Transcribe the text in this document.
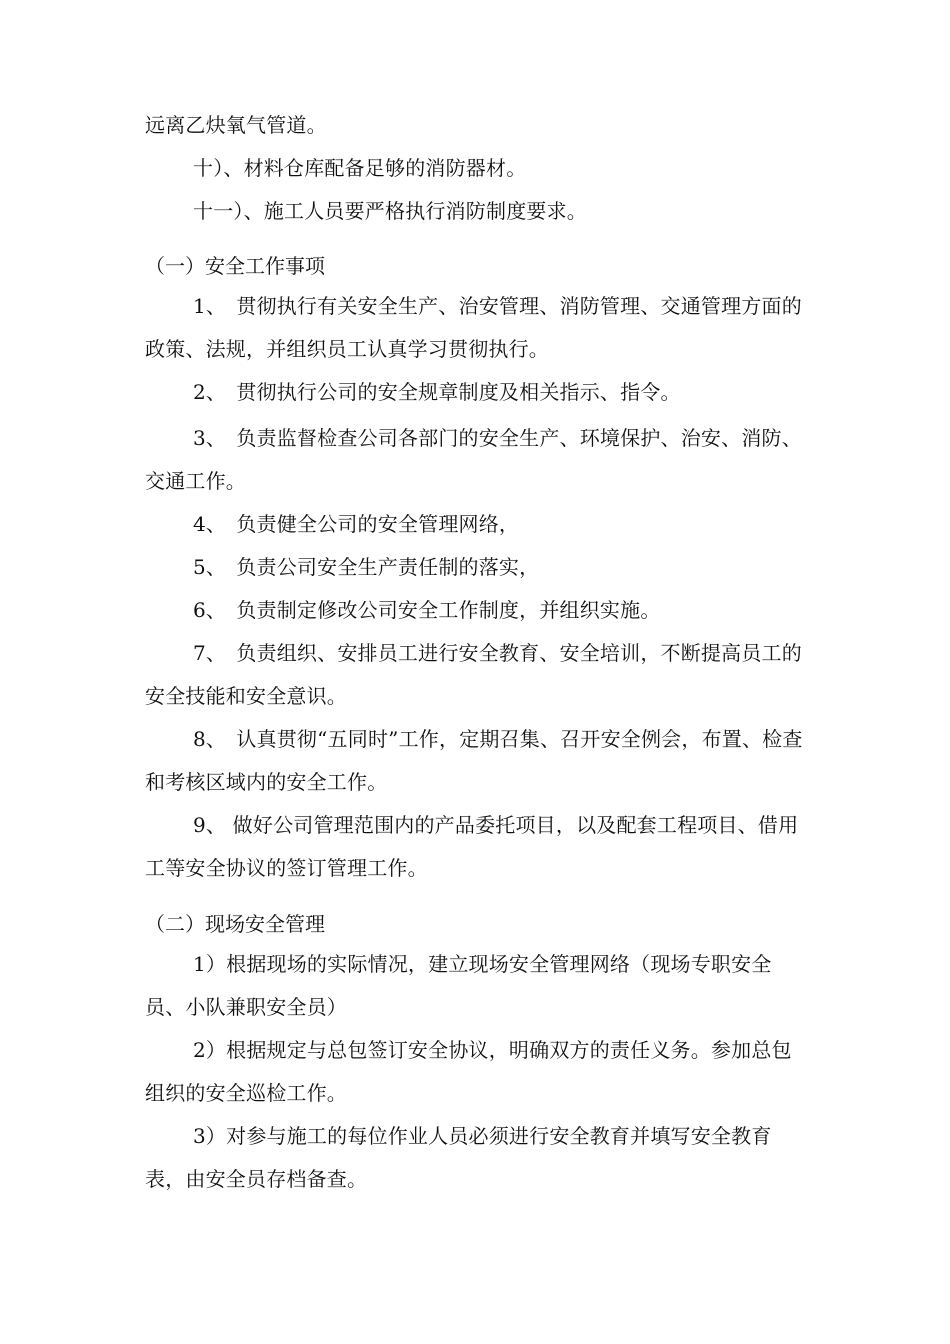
远离乙炔氧气管道。

十）、材料仓库配备足够的消防器材。

十一）、施工人员要严格执行消防制度要求。

（一）安全工作事项

1、　贯彻执行有关安全生产、治安管理、消防管理、交通管理方面的政策、法规，并组织员工认真学习贯彻执行。

2、　贯彻执行公司的安全规章制度及相关指示、指令。

3、　负责监督检查公司各部门的安全生产、环境保护、治安、消防、交通工作。

4、　负责健全公司的安全管理网络，

5、　负责公司安全生产责任制的落实，

6、　负责制定修改公司安全工作制度，并组织实施。

7、　负责组织、安排员工进行安全教育、安全培训，不断提高员工的安全技能和安全意识。

8、　认真贯彻“五同时”工作，定期召集、召开安全例会，布置、检查和考核区域内的安全工作。

9、 做好公司管理范围内的产品委托项目，以及配套工程项目、借用工等安全协议的签订管理工作。

（二）现场安全管理

1）根据现场的实际情况，建立现场安全管理网络（现场专职安全员、小队兼职安全员）

2）根据规定与总包签订安全协议，明确双方的责任义务。参加总包组织的安全巡检工作。

3）对参与施工的每位作业人员必须进行安全教育并填写安全教育表，由安全员存档备查。
